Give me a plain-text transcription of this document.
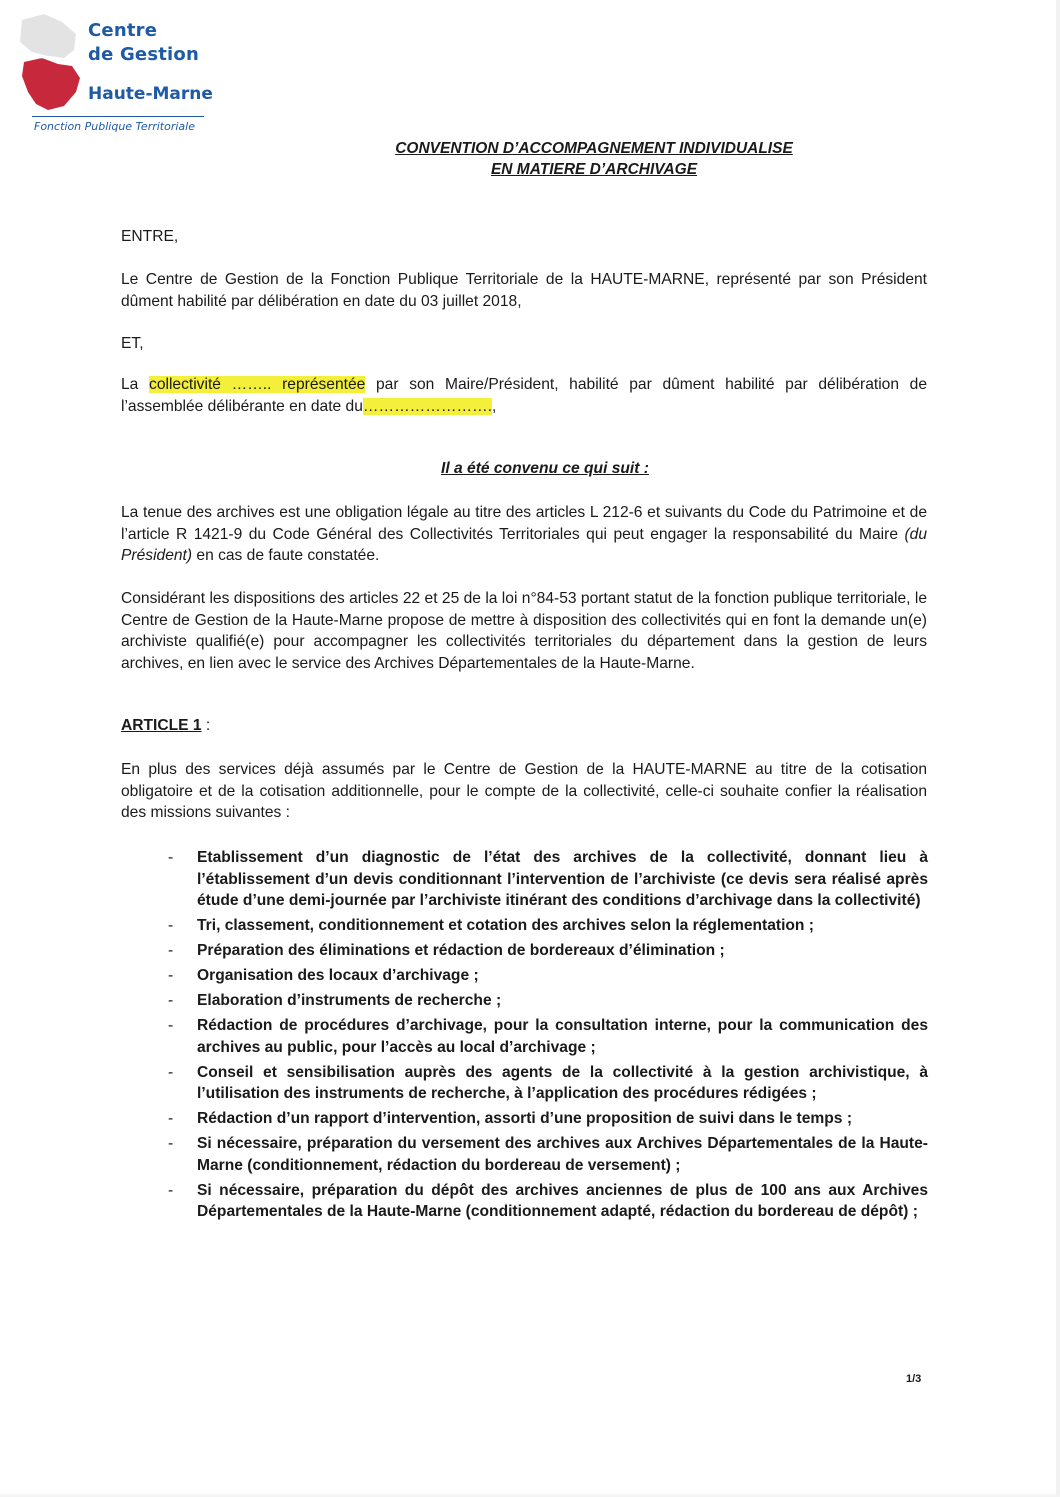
Centre
de Gestion
Haute-Marne
Fonction Publique Territoriale
CONVENTION D’ACCOMPAGNEMENT INDIVIDUALISE
EN MATIERE D’ARCHIVAGE
ENTRE,
Le Centre de Gestion de la Fonction Publique Territoriale de la HAUTE-MARNE, représenté par son Président dûment habilité par délibération en date du 03 juillet 2018,
ET,
La collectivité …….. représentée par son Maire/Président, habilité par dûment habilité par délibération de l’assemblée délibérante en date du…………………….,
Il a été convenu ce qui suit :
La tenue des archives est une obligation légale au titre des articles L 212-6 et suivants du Code du Patrimoine et de l’article R 1421-9 du Code Général des Collectivités Territoriales qui peut engager la responsabilité du Maire (du Président) en cas de faute constatée.
Considérant les dispositions des articles 22 et 25 de la loi n°84-53 portant statut de la fonction publique territoriale, le Centre de Gestion de la Haute-Marne propose de mettre à disposition des collectivités qui en font la demande un(e) archiviste qualifié(e) pour accompagner les collectivités territoriales du département dans la gestion de leurs archives, en lien avec le service des Archives Départementales de la Haute-Marne.
ARTICLE 1 :
En plus des services déjà assumés par le Centre de Gestion de la HAUTE-MARNE au titre de la cotisation obligatoire et de la cotisation additionnelle, pour le compte de la collectivité, celle-ci souhaite confier la réalisation des missions suivantes :
- Etablissement d’un diagnostic de l’état des archives de la collectivité, donnant lieu à l’établissement d’un devis conditionnant l’intervention de l’archiviste (ce devis sera réalisé après étude d’une demi-journée par l’archiviste itinérant des conditions d’archivage dans la collectivité)
- Tri, classement, conditionnement et cotation des archives selon la réglementation ;
- Préparation des éliminations et rédaction de bordereaux d’élimination ;
- Organisation des locaux d’archivage ;
- Elaboration d’instruments de recherche ;
- Rédaction de procédures d’archivage, pour la consultation interne, pour la communication des archives au public, pour l’accès au local d’archivage ;
- Conseil et sensibilisation auprès des agents de la collectivité à la gestion archivistique, à l’utilisation des instruments de recherche, à l’application des procédures rédigées ;
- Rédaction d’un rapport d’intervention, assorti d’une proposition de suivi dans le temps ;
- Si nécessaire, préparation du versement des archives aux Archives Départementales de la Haute-Marne (conditionnement, rédaction du bordereau de versement) ;
- Si nécessaire, préparation du dépôt des archives anciennes de plus de 100 ans aux Archives Départementales de la Haute-Marne (conditionnement adapté, rédaction du bordereau de dépôt) ;
1/3
